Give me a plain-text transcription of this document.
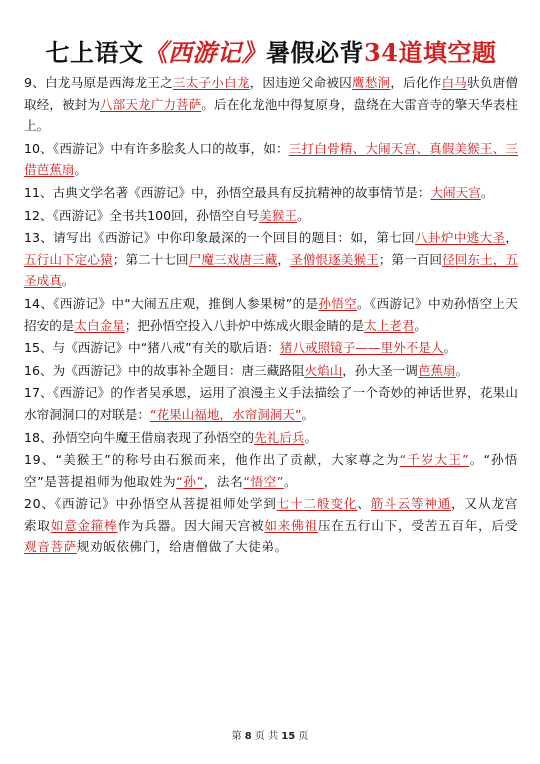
七上语文《西游记》暑假必背34道填空题

9、白龙马原是西海龙王之三太子小白龙，因违逆父命被囚鹰愁涧，后化作白马驮负唐僧取经，被封为八部天龙广力菩萨。后在化龙池中得复原身，盘绕在大雷音寺的擎天华表柱上。

10、《西游记》中有许多脍炙人口的故事，如：三打白骨精、大闹天宫、真假美猴王、三借芭蕉扇。

11、古典文学名著《西游记》中，孙悟空最具有反抗精神的故事情节是：大闹天宫。

12、《西游记》全书共100回，孙悟空自号美猴王。

13、请写出《西游记》中你印象最深的一个回目的题目：如，第七回八卦炉中逃大圣，五行山下定心猿；第二十七回尸魔三戏唐三藏，圣僧恨逐美猴王；第一百回径回东土，五圣成真。

14、《西游记》中“大闹五庄观，推倒人参果树”的是孙悟空。《西游记》中劝孙悟空上天招安的是太白金星；把孙悟空投入八卦炉中炼成火眼金睛的是太上老君。

15、与《西游记》中“猪八戒”有关的歇后语：猪八戒照镜子——里外不是人。

16、为《西游记》中的故事补全题目：唐三藏路阻火焰山，孙大圣一调芭蕉扇。

17、《西游记》的作者吴承恩，运用了浪漫主义手法描绘了一个奇妙的神话世界，花果山水帘洞洞口的对联是：“花果山福地，水帘洞洞天”。

18、孙悟空向牛魔王借扇表现了孙悟空的先礼后兵。

19、“美猴王”的称号由石猴而来，他作出了贡献，大家尊之为“千岁大王”。“孙悟空”是菩提祖师为他取姓为“孙”，法名“悟空”。

20、《西游记》中孙悟空从菩提祖师处学到七十二般变化、筋斗云等神通，又从龙宫索取如意金箍棒作为兵器。因大闹天宫被如来佛祖压在五行山下，受苦五百年，后受观音菩萨规劝皈依佛门，给唐僧做了大徒弟。

第 8 页 共 15 页
